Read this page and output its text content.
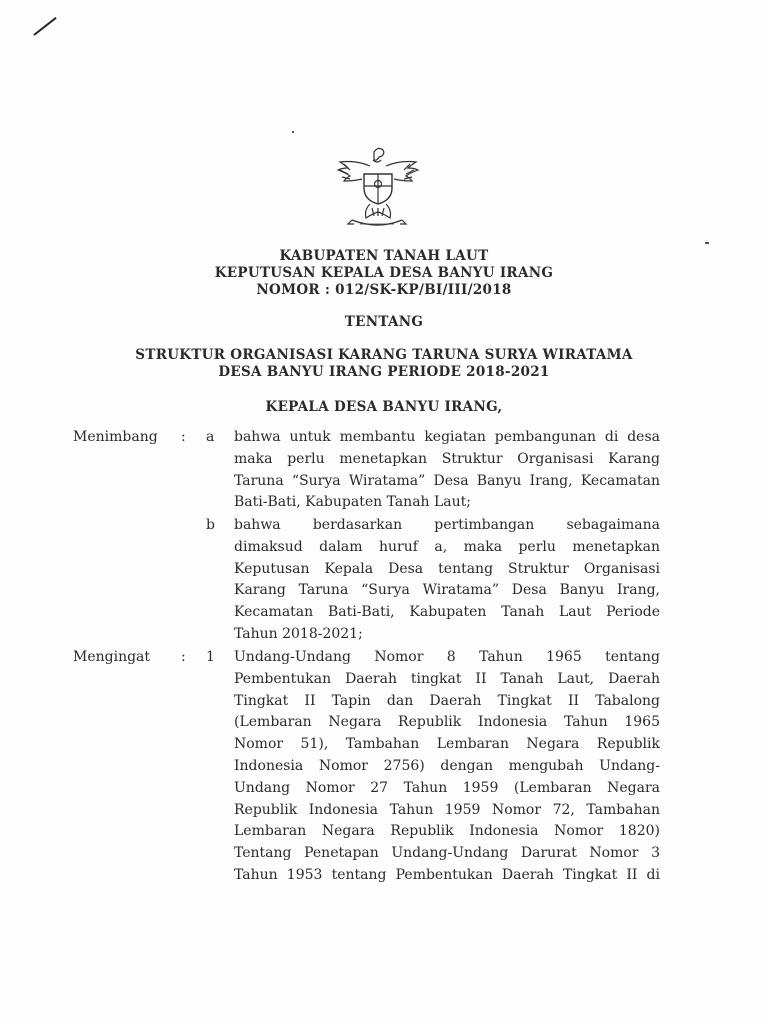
KABUPATEN TANAH LAUT
KEPUTUSAN KEPALA DESA BANYU IRANG
NOMOR : 012/SK-KP/BI/III/2018
TENTANG
STRUKTUR ORGANISASI KARANG TARUNA SURYA WIRATAMA
DESA BANYU IRANG PERIODE 2018-2021
KEPALA DESA BANYU IRANG,
Menimbang : a bahwa untuk membantu kegiatan pembangunan di desa
maka perlu menetapkan Struktur Organisasi Karang
Taruna “Surya Wiratama” Desa Banyu Irang, Kecamatan
Bati-Bati, Kabupaten Tanah Laut;
b bahwa berdasarkan pertimbangan sebagaimana
dimaksud dalam huruf a, maka perlu menetapkan
Keputusan Kepala Desa tentang Struktur Organisasi
Karang Taruna “Surya Wiratama” Desa Banyu Irang,
Kecamatan Bati-Bati, Kabupaten Tanah Laut Periode
Tahun 2018-2021;
Mengingat : 1 Undang-Undang Nomor 8 Tahun 1965 tentang
Pembentukan Daerah tingkat II Tanah Laut, Daerah
Tingkat II Tapin dan Daerah Tingkat II Tabalong
(Lembaran Negara Republik Indonesia Tahun 1965
Nomor 51), Tambahan Lembaran Negara Republik
Indonesia Nomor 2756) dengan mengubah Undang-
Undang Nomor 27 Tahun 1959 (Lembaran Negara
Republik Indonesia Tahun 1959 Nomor 72, Tambahan
Lembaran Negara Republik Indonesia Nomor 1820)
Tentang Penetapan Undang-Undang Darurat Nomor 3
Tahun 1953 tentang Pembentukan Daerah Tingkat II di
